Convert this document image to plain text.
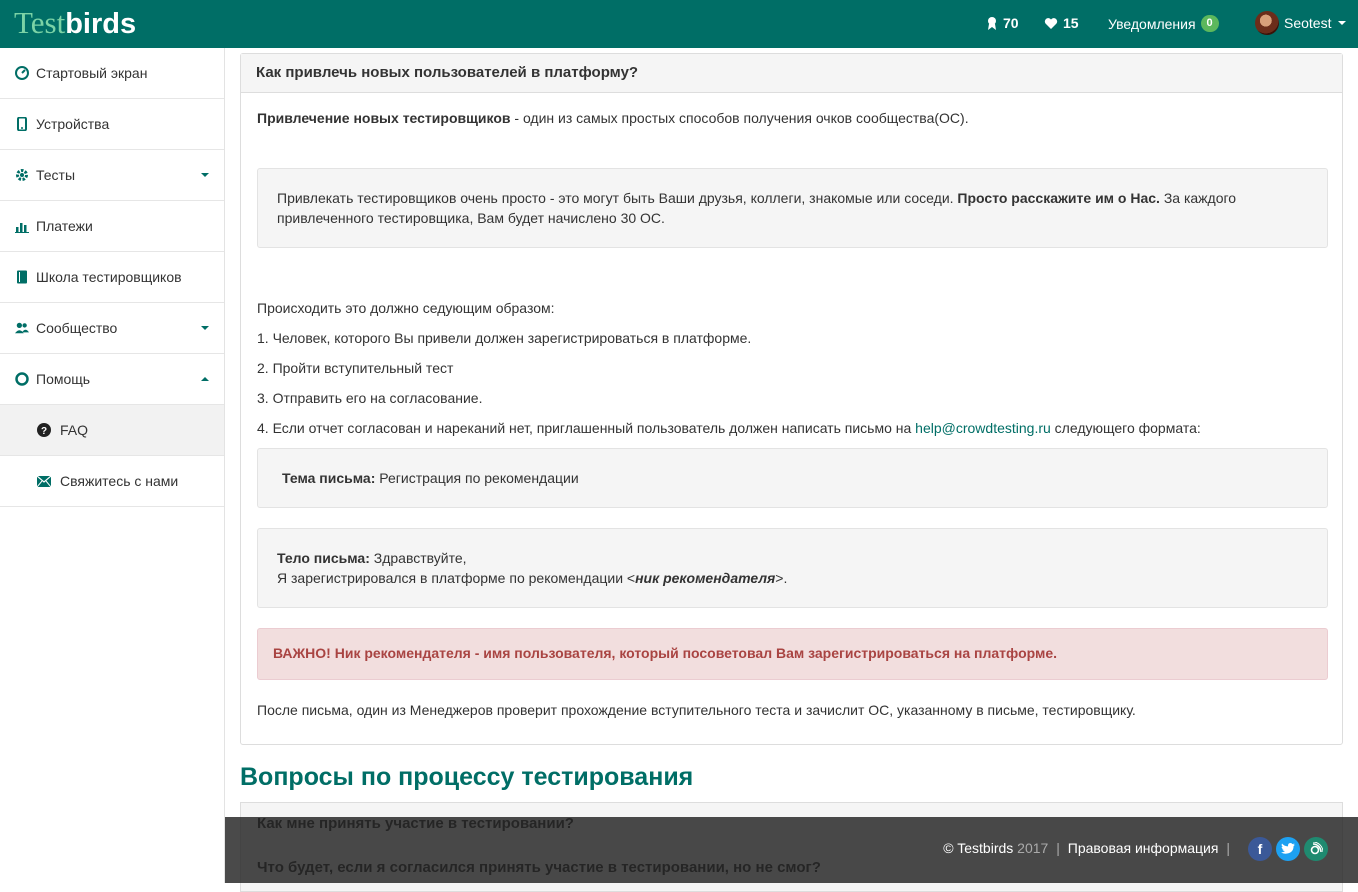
Testbirds	70	15 Уведомления	0	Seotest
Стартовый экран
Устройства
Тесты
Платежи
Школа тестировщиков
Сообщество
Помощь
? FAQ
Свяжитесь с нами
Как привлечь новых пользователей в платформу?
Привлечение новых тестировщиков - один из самых простых способов получения очков сообщества(ОС).
Привлекать тестировщиков очень просто - это могут быть Ваши друзья, коллеги, знакомые или соседи. Просто расскажите им о Нас. За каждого
привлеченного тестировщика, Вам будет начислено 30 ОС.
Происходить это должно седующим образом:
1. Человек, которого Вы привели должен зарегистрироваться в платформе.
2. Пройти вступительный тест
3. Отправить его на согласование.
4. Если отчет согласован и нареканий нет, приглашенный пользователь должен написать письмо на help@crowdtesting.ru следующего формата:
Тема письма: Регистрация по рекомендации
Тело письма: Здравствуйте,
Я зарегистрировался в платформе по рекомендации <ник рекомендателя>.
ВАЖНО! Ник рекомендателя - имя пользователя, который посоветовал Вам зарегистрироваться на платформе.
После письма, один из Менеджеров проверит прохождение вступительного теста и зачислит ОС, указанному в письме, тестировщику.
Вопросы по процессу тестирования
© Testbirds 2017 | Правовая информация |	f
